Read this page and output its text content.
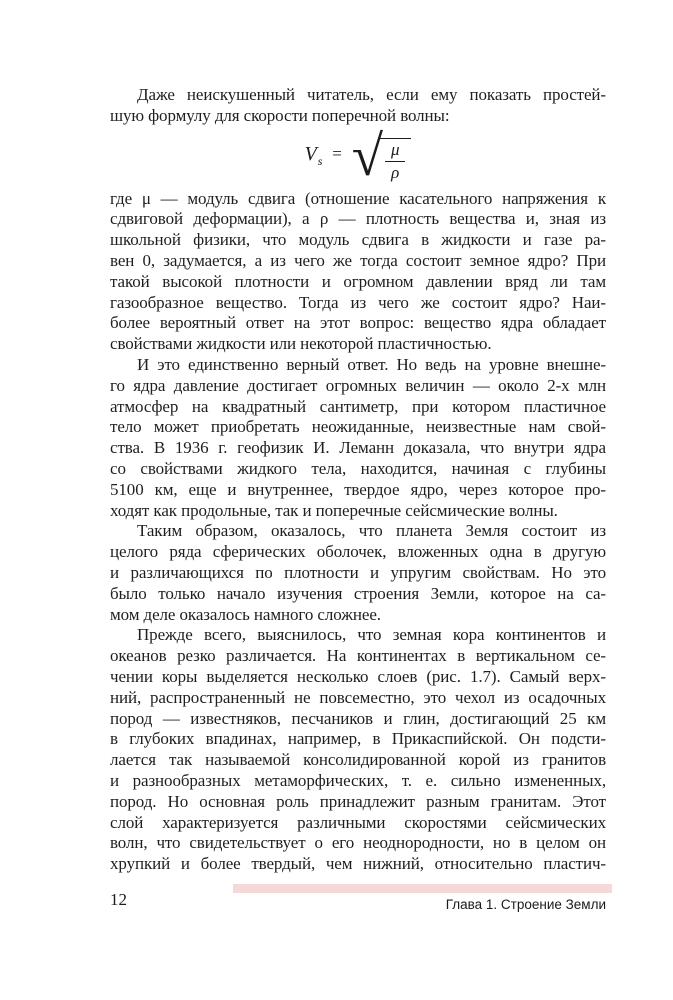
Даже неискушенный читатель, если ему показать простей-
шую формулу для скорости поперечной волны:
V s = √
$\frac{\mu}{\rho}$
где μ — модуль сдвига (отношение касательного напряжения к
сдвиговой деформации), а ρ — плотность вещества и, зная из
школьной физики, что модуль сдвига в жидкости и газе ра-
вен 0, задумается, а из чего же тогда состоит земное ядро? При
такой высокой плотности и огромном давлении вряд ли там
газообразное вещество. Тогда из чего же состоит ядро? Наи-
более вероятный ответ на этот вопрос: вещество ядра обладает
свойствами жидкости или некоторой пластичностью.
И это единственно верный ответ. Но ведь на уровне внешне-
го ядра давление достигает огромных величин — около 2-х млн
атмосфер на квадратный сантиметр, при котором пластичное
тело может приобретать неожиданные, неизвестные нам свой-
ства. В 1936 г. геофизик И. Леманн доказала, что внутри ядра
со свойствами жидкого тела, находится, начиная с глубины
5100 км, еще и внутреннее, твердое ядро, через которое про-
ходят как продольные, так и поперечные сейсмические волны.
Таким образом, оказалось, что планета Земля состоит из
целого ряда сферических оболочек, вложенных одна в другую
и различающихся по плотности и упругим свойствам. Но это
было только начало изучения строения Земли, которое на са-
мом деле оказалось намного сложнее.
Прежде всего, выяснилось, что земная кора континентов и
океанов резко различается. На континентах в вертикальном се-
чении коры выделяется несколько слоев (рис. 1.7). Самый верх-
ний, распространенный не повсеместно, это чехол из осадочных
пород — известняков, песчаников и глин, достигающий 25 км
в глубоких впадинах, например, в Прикаспийской. Он подсти-
лается так называемой консолидированной корой из гранитов
и разнообразных метаморфических, т. е. сильно измененных,
пород. Но основная роль принадлежит разным гранитам. Этот
слой характеризуется различными скоростями сейсмических
волн, что свидетельствует о его неоднородности, но в целом он
хрупкий и более твердый, чем нижний, относительно пластич-
12	Глава 1. Строение Земли
